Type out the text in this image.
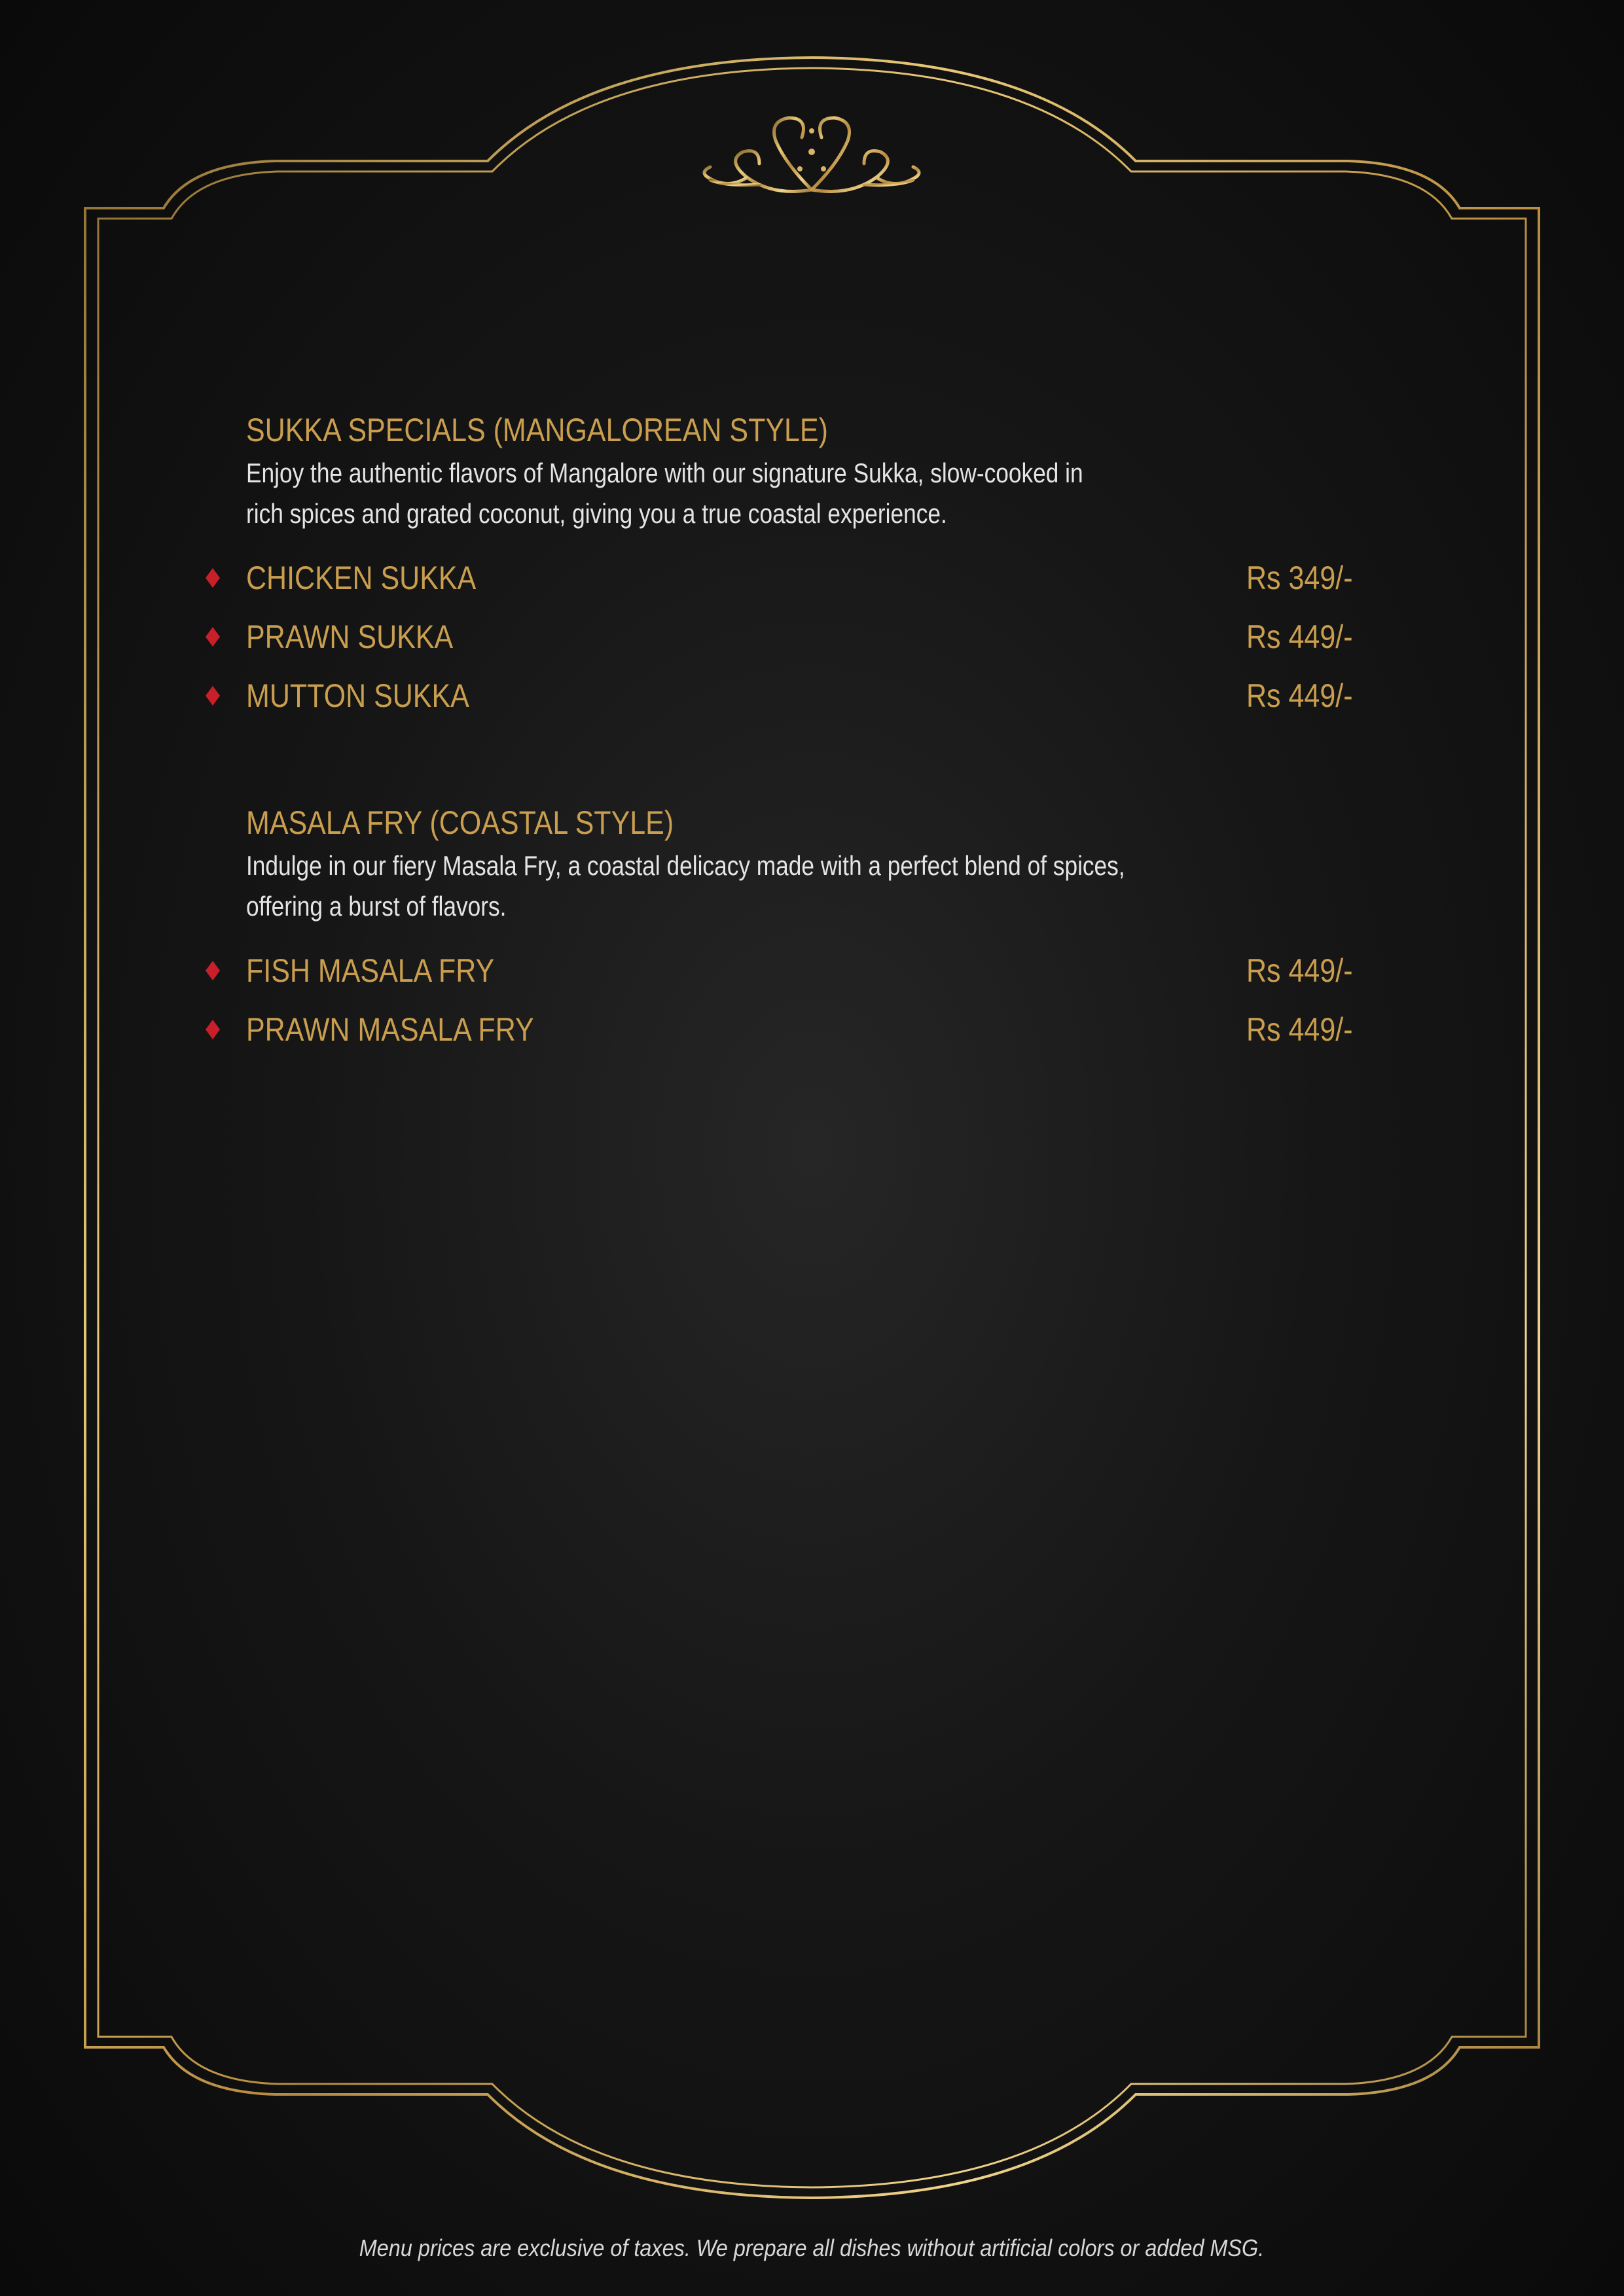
SUKKA SPECIALS (MANGALOREAN STYLE)
Enjoy the authentic flavors of Mangalore with our signature Sukka, slow-cooked in
rich spices and grated coconut, giving you a true coastal experience.
CHICKEN SUKKA	Rs 349/-
PRAWN SUKKA	Rs 449/-
MUTTON SUKKA	Rs 449/-
MASALA FRY (COASTAL STYLE)
Indulge in our fiery Masala Fry, a coastal delicacy made with a perfect blend of spices,
offering a burst of flavors.
FISH MASALA FRY	Rs 449/-
PRAWN MASALA FRY	Rs 449/-
Menu prices are exclusive of taxes. We prepare all dishes without artificial colors or added MSG.
